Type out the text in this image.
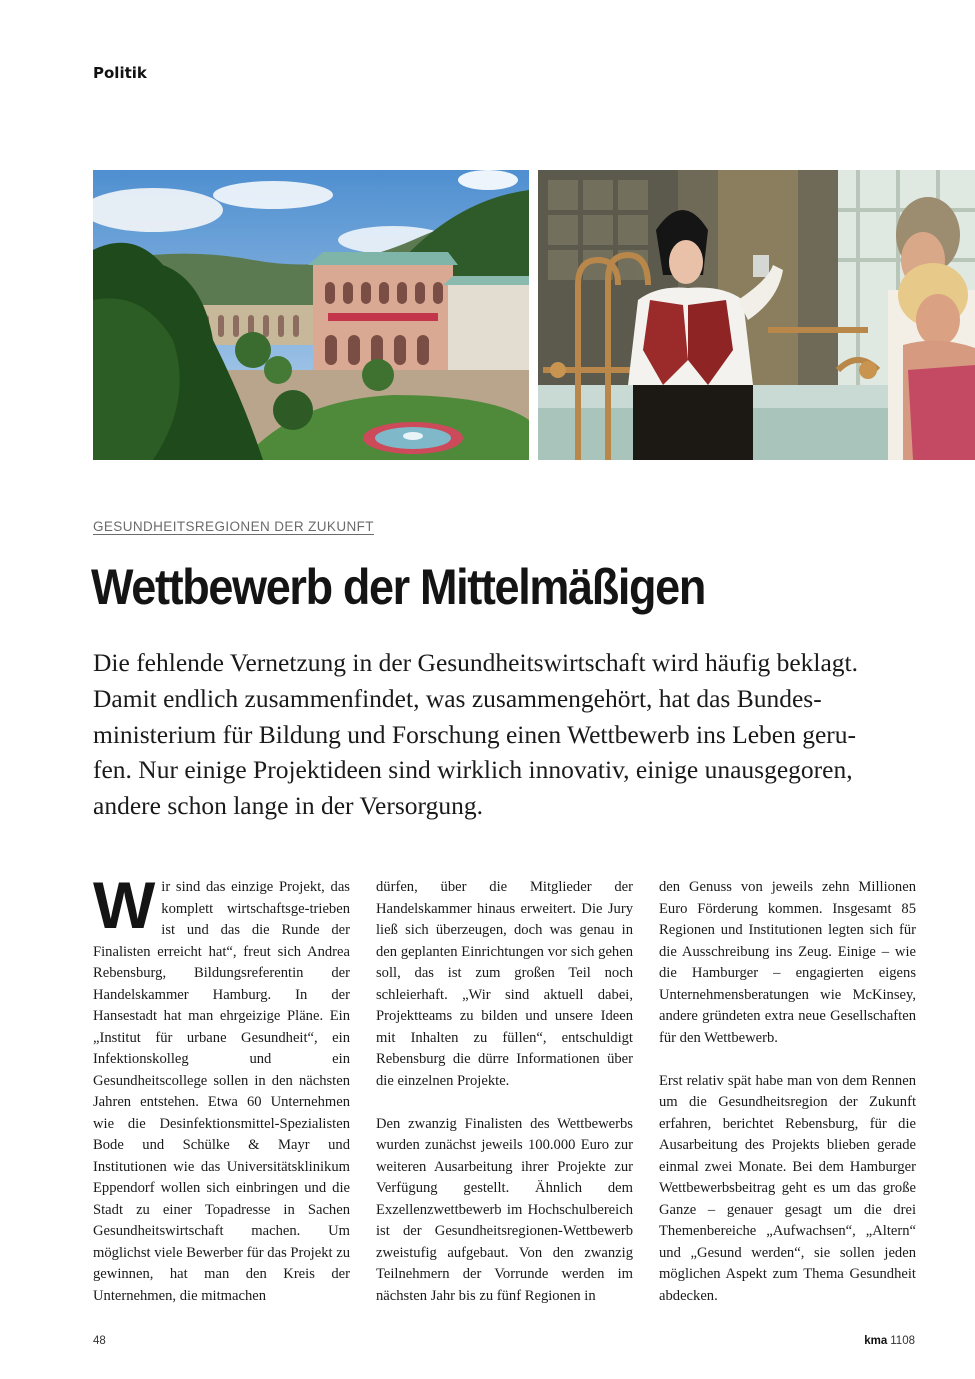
Politik
GESUNDHEITSREGIONEN DER ZUKUNFT
Wettbewerb der Mittelmäßigen

Die fehlende Vernetzung in der Gesundheitswirtschaft wird häufig beklagt.
Damit endlich zusammenfindet, was zusammengehört, hat das Bundes-
ministerium für Bildung und Forschung einen Wettbewerb ins Leben geru-
fen. Nur einige Projektideen sind wirklich innovativ, einige unausgegoren,
andere schon lange in der Versorgung.

Wir sind das einzige Projekt, das komplett wirtschaftsge-trieben ist und das die Runde der Finalisten erreicht hat“, freut sich Andrea Rebensburg, Bildungsreferentin der Handelskammer Hamburg. In der Hansestadt hat man ehrgeizige Pläne. Ein „Institut für urbane Gesundheit“, ein Infektionskolleg und ein Gesundheitscollege sollen in den nächsten Jahren entstehen. Etwa 60 Unternehmen wie die Desinfektionsmittel-Spezialisten Bode und Schülke & Mayr und Institutionen wie das Universitätsklinikum Eppendorf wollen sich einbringen und die Stadt zu einer Topadresse in Sachen Gesundheitswirtschaft machen. Um möglichst viele Bewerber für das Projekt zu gewinnen, hat man den Kreis der Unternehmen, die mitmachen

dürfen, über die Mitglieder der Handelskammer hinaus erweitert. Die Jury ließ sich überzeugen, doch was genau in den geplanten Einrichtungen vor sich gehen soll, das ist zum großen Teil noch schleierhaft. „Wir sind aktuell dabei, Projektteams zu bilden und unsere Ideen mit Inhalten zu füllen“, entschuldigt Rebensburg die dürre Informationen über die einzelnen Projekte.

Den zwanzig Finalisten des Wettbewerbs wurden zunächst jeweils 100.000 Euro zur weiteren Ausarbeitung ihrer Projekte zur Verfügung gestellt. Ähnlich dem Exzellenzwettbewerb im Hochschulbereich ist der Gesundheitsregionen-Wettbewerb zweistufig aufgebaut. Von den zwanzig Teilnehmern der Vorrunde werden im nächsten Jahr bis zu fünf Regionen in

den Genuss von jeweils zehn Millionen Euro Förderung kommen. Insgesamt 85 Regionen und Institutionen legten sich für die Ausschreibung ins Zeug. Einige – wie die Hamburger – engagierten eigens Unternehmensberatungen wie McKinsey, andere gründeten extra neue Gesellschaften für den Wettbewerb.

Erst relativ spät habe man von dem Rennen um die Gesundheitsregion der Zukunft erfahren, berichtet Rebensburg, für die Ausarbeitung des Projekts blieben gerade einmal zwei Monate. Bei dem Hamburger Wettbewerbsbeitrag geht es um das große Ganze – genauer gesagt um die drei Themenbereiche „Aufwachsen“, „Altern“ und „Gesund werden“, sie sollen jeden möglichen Aspekt zum Thema Gesundheit abdecken.

48	kma 1108
